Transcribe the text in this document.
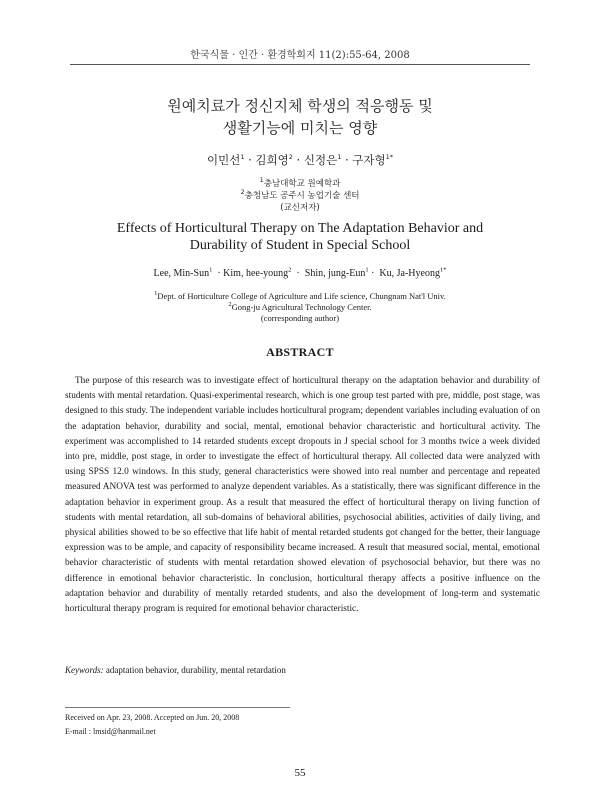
한국식물 · 인간 · 환경학회지 11(2):55-64, 2008
원예치료가 정신지체 학생의 적응행동 및
생활기능에 미치는 영향
이민선$^1$ · 김희영$^2$ · 신정은$^1$ · 구자형$^{1*}$
$^1$충남대학교 원예학과
$^2$충청남도 공주시 농업기술 센터
(교신저자)
Effects of Horticultural Therapy on The Adaptation Behavior and
Durability of Student in Special School
Lee, Min-Sun$^1$  · Kim, hee-young$^2$  ·  Shin, jung-Eun$^1$ ·  Ku, Ja-Hyeong$^{1*}$
$^1$Dept. of Horticulture College of Agriculture and Life science, Chungnam Nat'l Univ.
$^2$Gong-ju Agricultural Technology Center.
(corresponding author)
ABSTRACT
The purpose of this research was to investigate effect of horticultural therapy on the adaptation behavior and durability of students with mental retardation. Quasi-experimental research, which is one group test parted with pre, middle, post stage, was designed to this study. The independent variable includes horticultural program; dependent variables including evaluation of on the adaptation behavior, durability and social, mental, emotional behavior characteristic and horticultural activity. The experiment was accomplished to 14 retarded students except dropouts in J special school for 3 months twice a week divided into pre, middle, post stage, in order to investigate the effect of horticultural therapy. All collected data were analyzed with using SPSS 12.0 windows. In this study, general characteristics were showed into real number and percentage and repeated measured ANOVA test was performed to analyze dependent variables. As a statistically, there was significant difference in the adaptation behavior in experiment group. As a result that measured the effect of horticultural therapy on living function of students with mental retardation, all sub-domains of behavioral abilities, psychosocial abilities, activities of daily living, and physical abilities showed to be so effective that life habit of mental retarded students got changed for the better, their language expression was to be ample, and capacity of responsibility became increased. A result that measured social, mental, emotional behavior characteristic of students with mental retardation showed elevation of psychosocial behavior, but there was no difference in emotional behavior characteristic. In conclusion, horticultural therapy affects a positive influence on the adaptation behavior and durability of mentally retarded students, and also the development of long-term and systematic horticultural therapy program is required for emotional behavior characteristic.
Keywords: adaptation behavior, durability, mental retardation
Received on Apr. 23, 2008. Accepted on Jun. 20, 2008
E-mail : lmsid@hanmail.net
55
